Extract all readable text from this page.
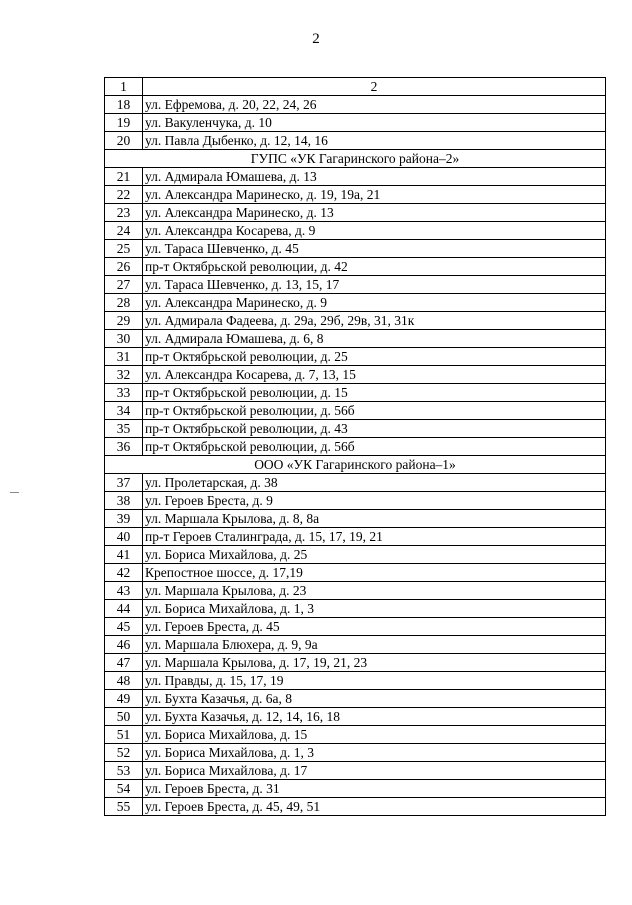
2
1	2
18	ул. Ефремова, д. 20, 22, 24, 26
19	ул. Вакуленчука, д. 10
20	ул. Павла Дыбенко, д. 12, 14, 16
ГУПС «УК Гагаринского района–2»	
21	ул. Адмирала Юмашева, д. 13
22	ул. Александра Маринеско, д. 19, 19а, 21
23	ул. Александра Маринеско, д. 13
24	ул. Александра Косарева, д. 9
25	ул. Тараса Шевченко, д. 45
26	пр-т Октябрьской революции, д. 42
27	ул. Тараса Шевченко, д. 13, 15, 17
28	ул. Александра Маринеско, д. 9
29	ул. Адмирала Фадеева, д. 29а, 29б, 29в, 31, 31к
30	ул. Адмирала Юмашева, д. 6, 8
31	пр-т Октябрьской революции, д. 25
32	ул. Александра Косарева, д. 7, 13, 15
33	пр-т Октябрьской революции, д. 15
34	пр-т Октябрьской революции, д. 56б
35	пр-т Октябрьской революции, д. 43
36	пр-т Октябрьской революции, д. 56б
ООО «УК Гагаринского района–1»	
37	ул. Пролетарская, д. 38
38	ул. Героев Бреста, д. 9
39	ул. Маршала Крылова, д. 8, 8а
40	пр-т Героев Сталинграда, д. 15, 17, 19, 21
41	ул. Бориса Михайлова, д. 25
42	Крепостное шоссе, д. 17,19
43	ул. Маршала Крылова, д. 23
44	ул. Бориса Михайлова, д. 1, 3
45	ул. Героев Бреста, д. 45
46	ул. Маршала Блюхера, д. 9, 9а
47	ул. Маршала Крылова, д. 17, 19, 21, 23
48	ул. Правды, д. 15, 17, 19
49	ул. Бухта Казачья, д. 6а, 8
50	ул. Бухта Казачья, д. 12, 14, 16, 18
51	ул. Бориса Михайлова, д. 15
52	ул. Бориса Михайлова, д. 1, 3
53	ул. Бориса Михайлова, д. 17
54	ул. Героев Бреста, д. 31
55	ул. Героев Бреста, д. 45, 49, 51
